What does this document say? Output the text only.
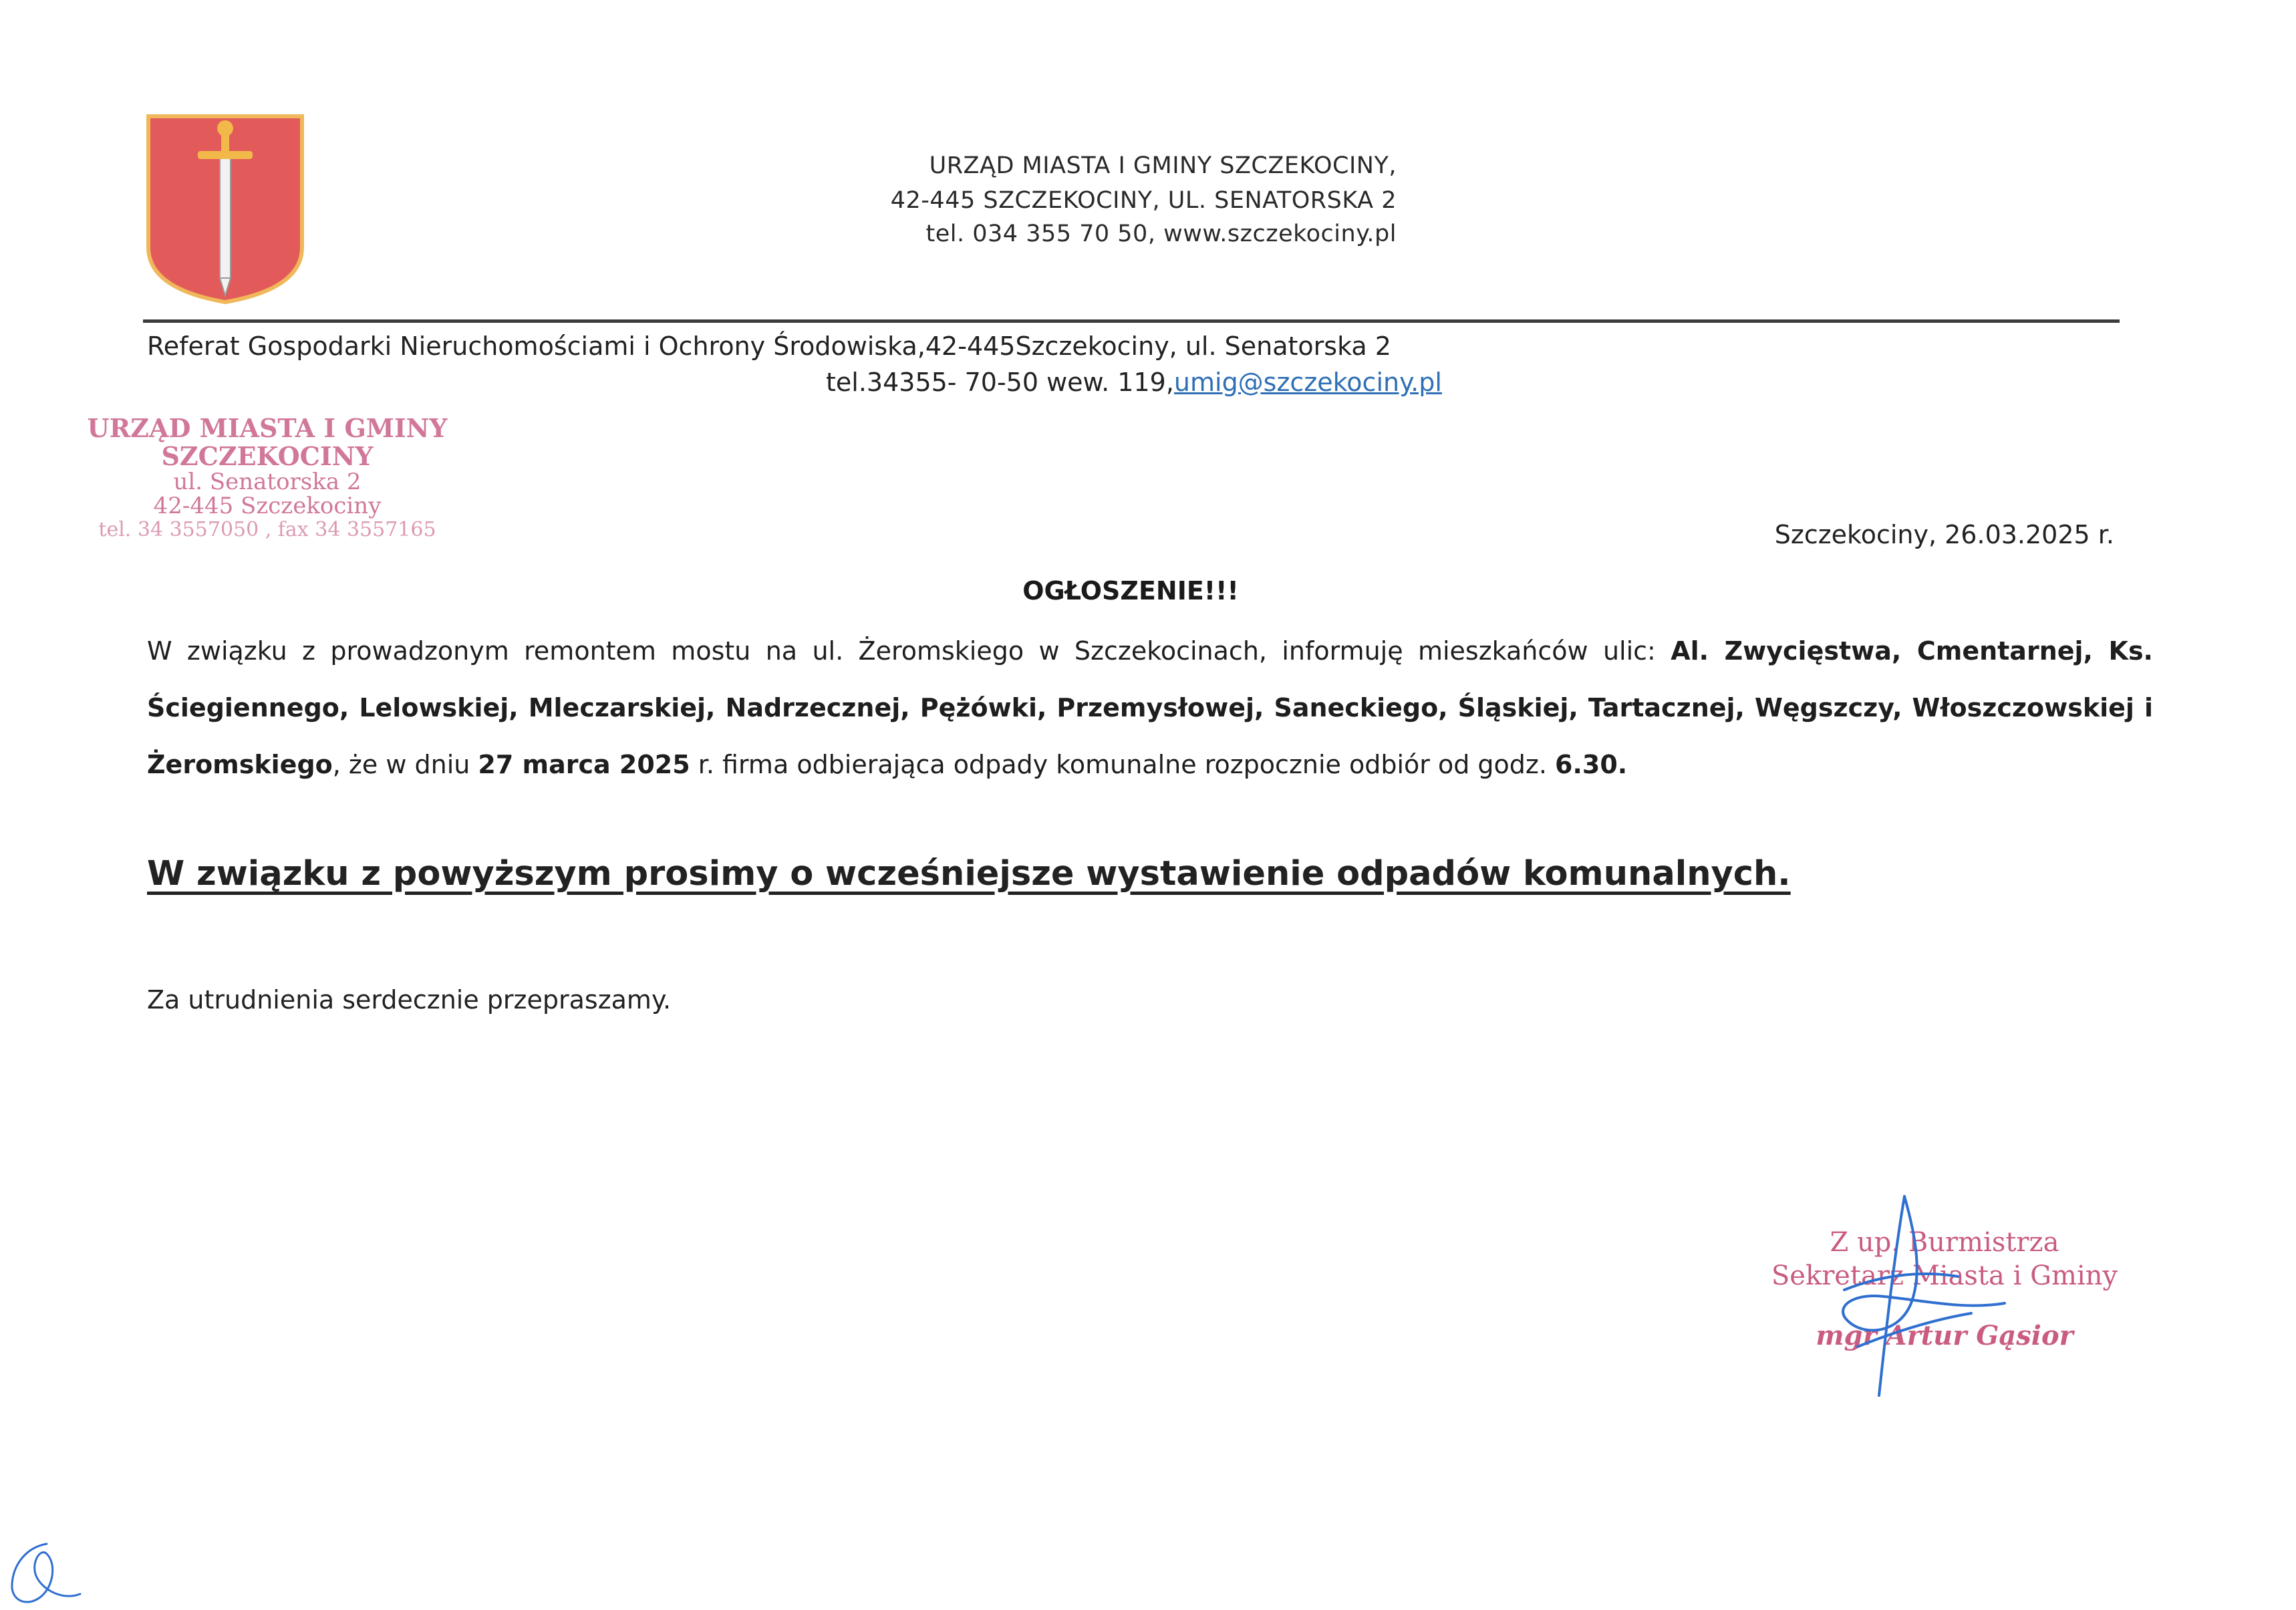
URZĄD MIASTA I GMINY SZCZEKOCINY,
42-445 SZCZEKOCINY, UL. SENATORSKA 2
tel. 034 355 70 50, www.szczekociny.pl
Referat Gospodarki Nieruchomościami i Ochrony Środowiska,42-445Szczekociny, ul. Senatorska 2
tel.34355- 70-50 wew. 119,umig@szczekociny.pl
URZĄD MIASTA I GMINY
SZCZEKOCINY
ul. Senatorska 2
42-445 Szczekociny
tel. 34 3557050 , fax 34 3557165	Szczekociny, 26.03.2025 r.
OGŁOSZENIE!!!
W związku z prowadzonym remontem mostu na ul. Żeromskiego w Szczekocinach, informuję mieszkańców ulic: Al. Zwycięstwa, Cmentarnej, Ks. Ściegiennego, Lelowskiej, Mleczarskiej, Nadrzecznej, Pężówki, Przemysłowej, Saneckiego, Śląskiej, Tartacznej, Węgszczy, Włoszczowskiej i Żeromskiego, że w dniu 27 marca 2025 r. firma odbierająca odpady komunalne rozpocznie odbiór od godz. 6.30.
W związku z powyższym prosimy o wcześniejsze wystawienie odpadów komunalnych.
Za utrudnienia serdecznie przepraszamy.
Z up. Burmistrza
Sekretarz Miasta i Gminy
mgr Artur Gąsior
